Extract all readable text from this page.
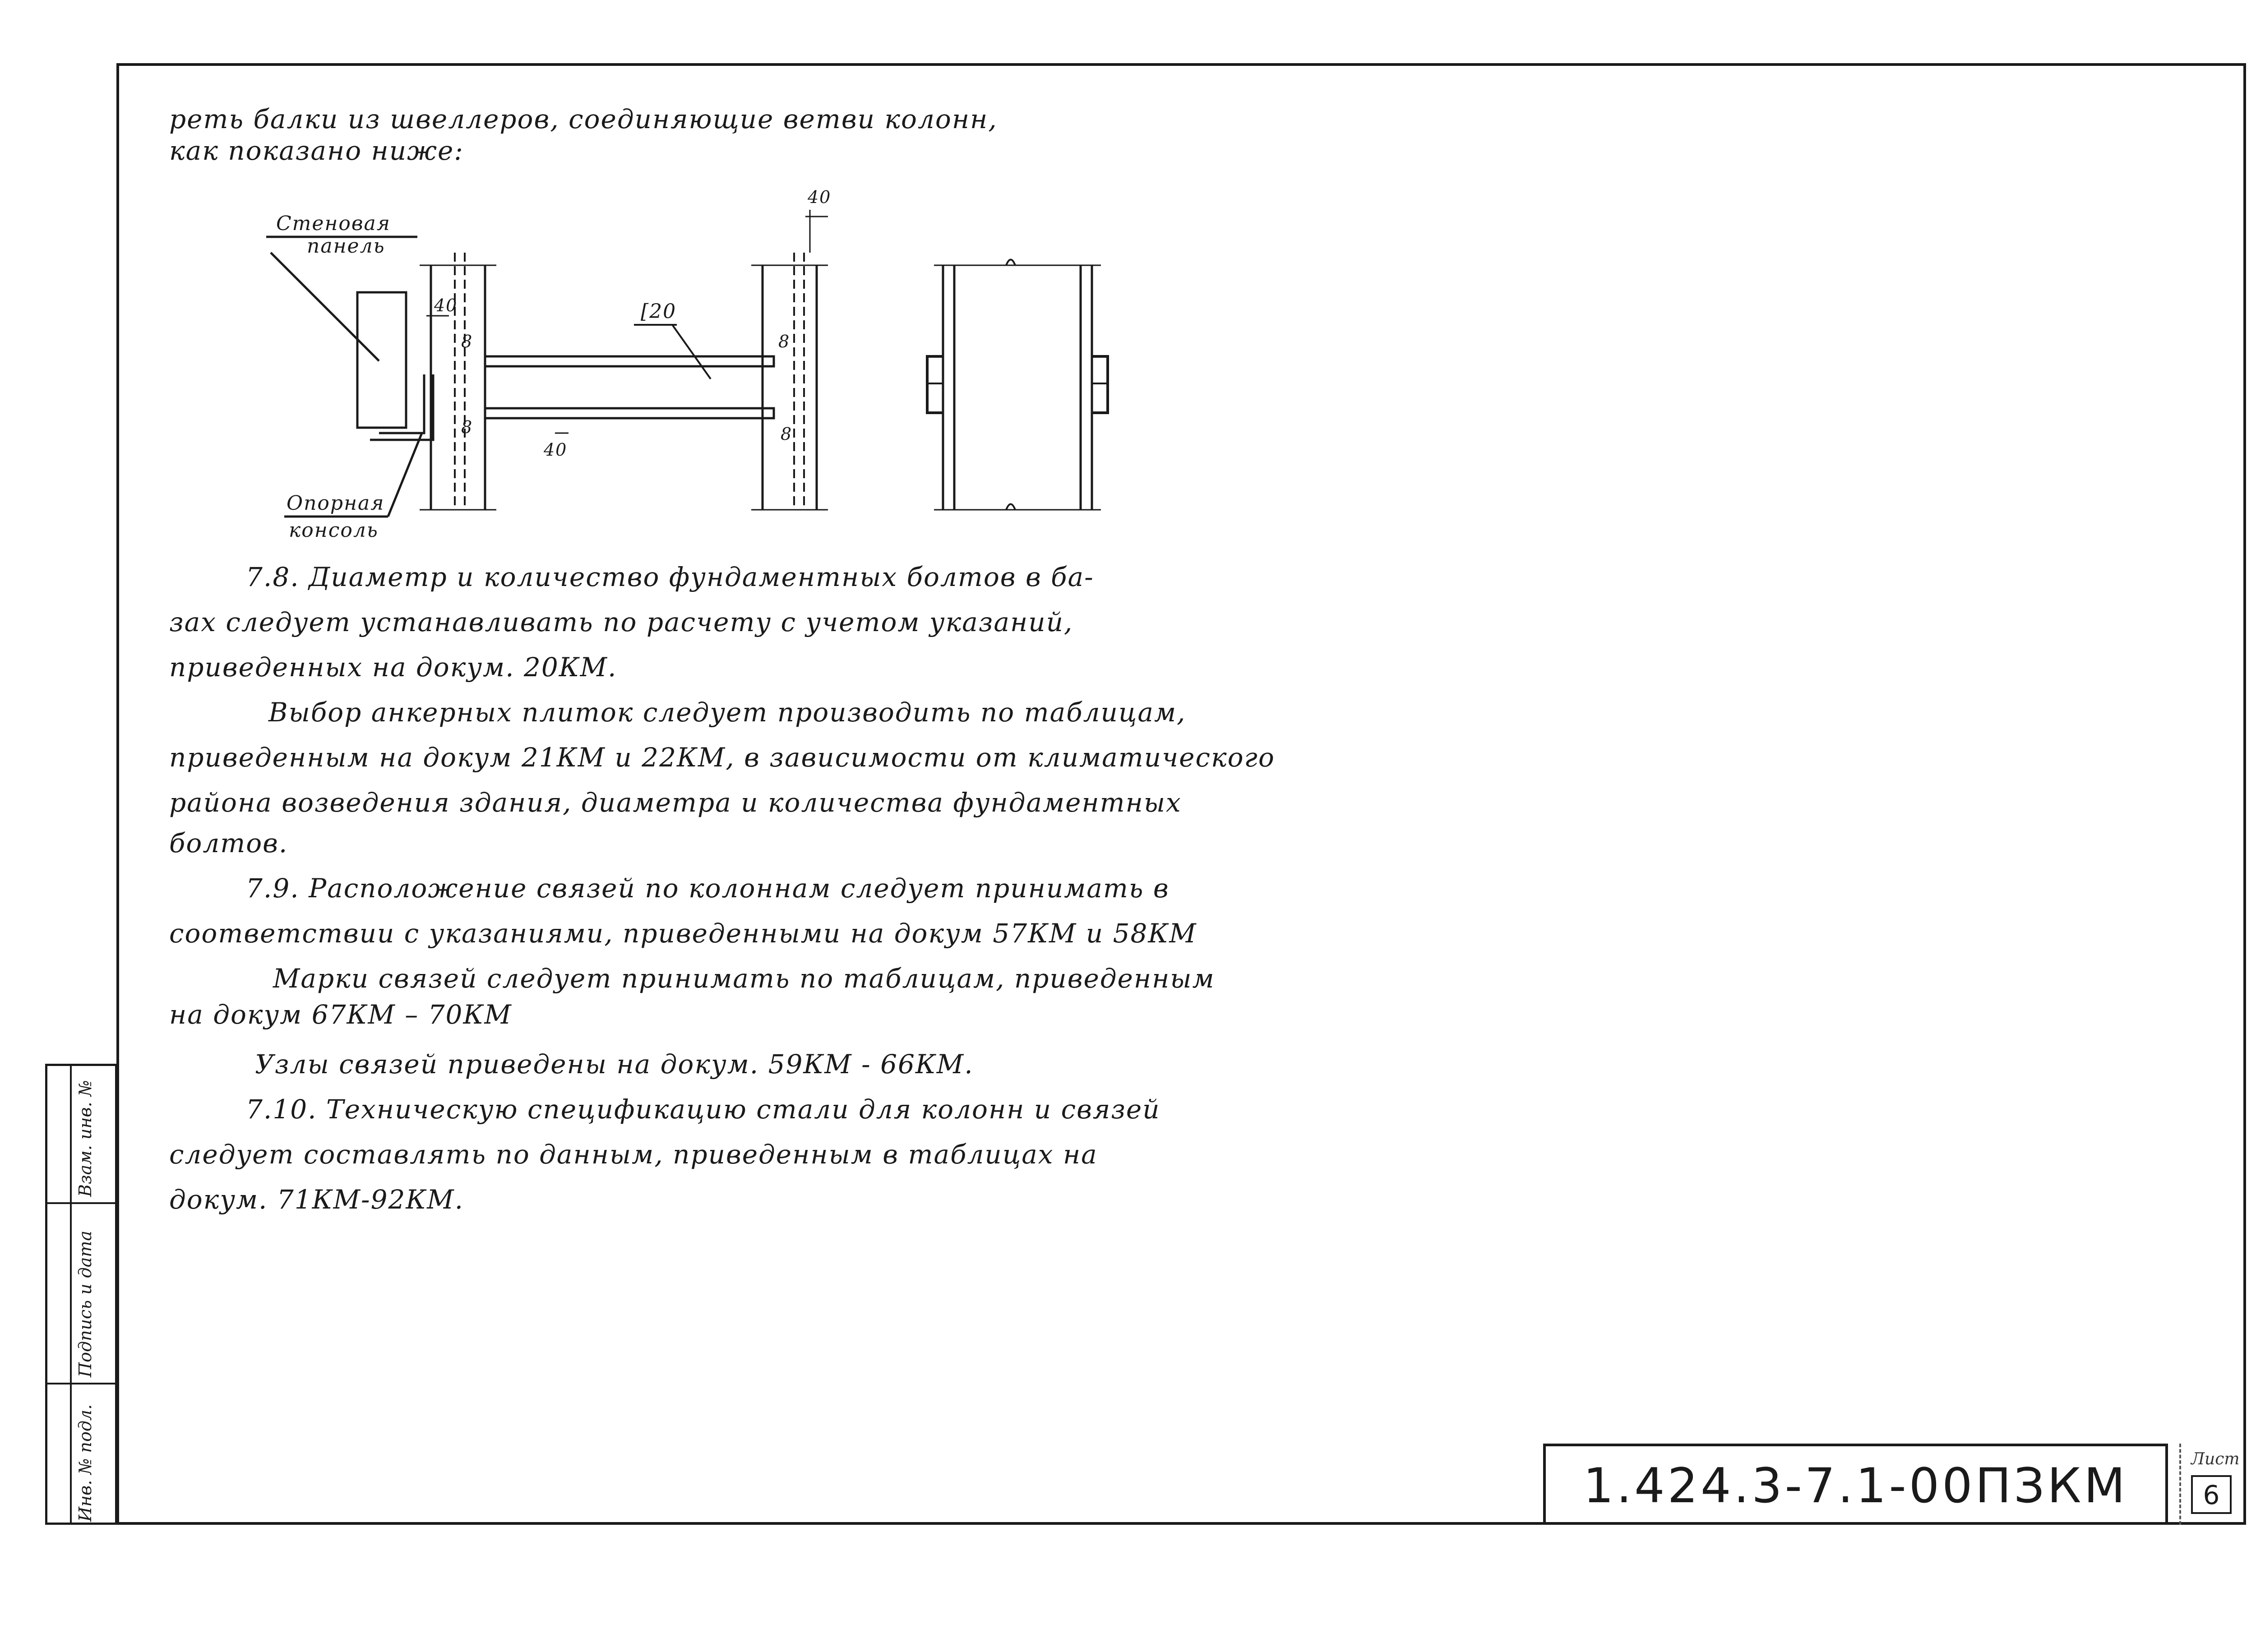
реть балки из швеллеров, соединяющие ветви колонн,
как показано ниже:
Стеновая
панель
Опорная
консоль
[20
40
40
40
8
8
8
8
7.8. Диаметр и количество фундаментных болтов в ба-
зах следует устанавливать по расчету с учетом указаний,
приведенных на докум. 20КМ.
Выбор анкерных плиток следует производить по таблицам,
приведенным на докум 21КМ и 22КМ, в зависимости от климатического
района возведения здания, диаметра и количества фундаментных
болтов.
7.9. Расположение связей по колоннам следует принимать в
соответствии с указаниями, приведенными на докум 57КМ и 58КМ
Марки связей следует принимать по таблицам, приведенным
на докум 67КМ – 70КМ
Узлы связей приведены на докум. 59КМ - 66КМ.
7.10. Техническую спецификацию стали для колонн и связей
следует составлять по данным, приведенным в таблицах на
докум. 71КМ-92КМ.
Взам. инв. №
Подпись и дата
Инв. № подл.	1.424.3-7.1-00ПЗКМ	Лист
6
